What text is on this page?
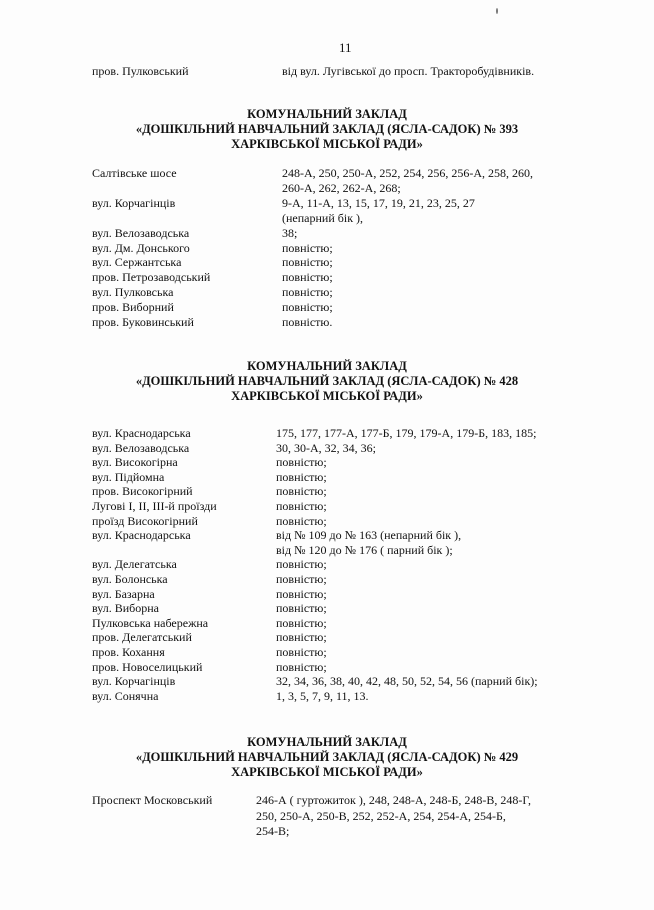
11
пров. Пулковський	від вул. Лугівської до просп. Тракторобудівників.
КОМУНАЛЬНИЙ ЗАКЛАД
«ДОШКІЛЬНИЙ НАВЧАЛЬНИЙ ЗАКЛАД (ЯСЛА-САДОК) № 393
ХАРКІВСЬКОЇ МІСЬКОЇ РАДИ»
Салтівське шосе	248-А, 250, 250-А, 252, 254, 256, 256-А, 258, 260,
260-А, 262, 262-А, 268;
вул. Корчагінців	9-А, 11-А, 13, 15, 17, 19, 21, 23, 25, 27
(непарний бік ),
вул. Велозаводська	38;
вул. Дм. Донського	повністю;
вул. Сержантська	повністю;
пров. Петрозаводський	повністю;
вул. Пулковська	повністю;
пров. Виборний	повністю;
пров. Буковинський	повністю.
КОМУНАЛЬНИЙ ЗАКЛАД
«ДОШКІЛЬНИЙ НАВЧАЛЬНИЙ ЗАКЛАД (ЯСЛА-САДОК) № 428
ХАРКІВСЬКОЇ МІСЬКОЇ РАДИ»
вул. Краснодарська	175, 177, 177-А, 177-Б, 179, 179-А, 179-Б, 183, 185;
вул. Велозаводська	30, 30-А, 32, 34, 36;
вул. Високогірна	повністю;
вул. Підйомна	повністю;
пров. Високогірний	повністю;
Лугові І, ІІ, ІІІ-й проїзди	повністю;
проїзд Високогірний	повністю;
вул. Краснодарська	від № 109 до № 163 (непарний бік ),
від № 120 до № 176 ( парний бік );
вул. Делегатська	повністю;
вул. Болонська	повністю;
вул. Базарна	повністю;
вул. Виборна	повністю;
Пулковська набережна	повністю;
пров. Делегатський	повністю;
пров. Кохання	повністю;
пров. Новоселицький	повністю;
вул. Корчагінців	32, 34, 36, 38, 40, 42, 48, 50, 52, 54, 56 (парний бік);
вул. Сонячна	1, 3, 5, 7, 9, 11, 13.
КОМУНАЛЬНИЙ ЗАКЛАД
«ДОШКІЛЬНИЙ НАВЧАЛЬНИЙ ЗАКЛАД (ЯСЛА-САДОК) № 429
ХАРКІВСЬКОЇ МІСЬКОЇ РАДИ»
Проспект Московський	246-А ( гуртожиток ), 248, 248-А, 248-Б, 248-В, 248-Г,
250, 250-А, 250-В, 252, 252-А, 254, 254-А, 254-Б,
254-В;
